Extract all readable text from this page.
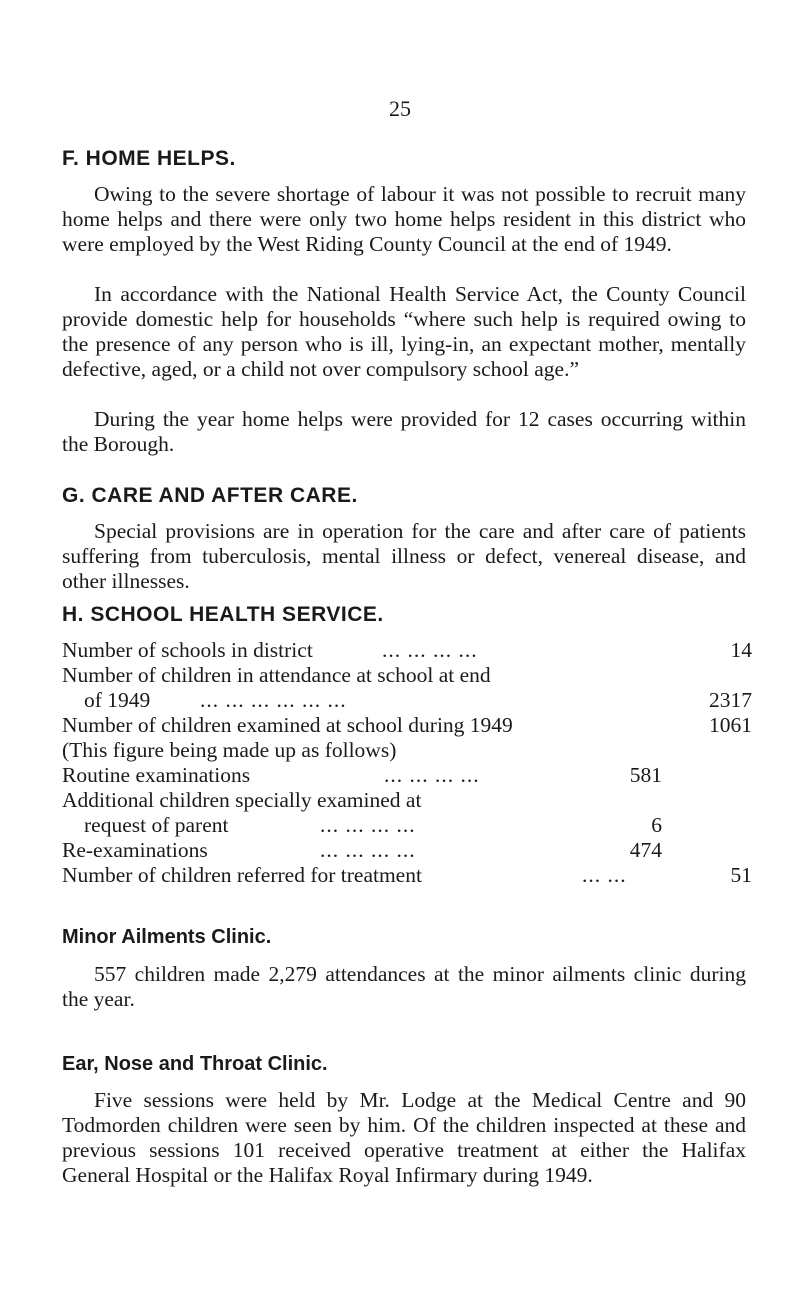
25
F. HOME HELPS.

Owing to the severe shortage of labour it was not possible to recruit many home helps and there were only two home helps resident in this district who were employed by the West Riding County Council at the end of 1949.

In accordance with the National Health Service Act, the County Council provide domestic help for households “where such help is required owing to the presence of any person who is ill, lying-in, an expectant mother, mentally defective, aged, or a child not over compulsory school age.”

During the year home helps were provided for 12 cases occurring within the Borough.

G. CARE AND AFTER CARE.

Special provisions are in operation for the care and after care of patients suffering from tuberculosis, mental illness or defect, venereal disease, and other illnesses.

H. SCHOOL HEALTH SERVICE.
Number of schools in district	... ... ... ...	14
Number of children in attendance at school at end
of 1949 ... ... ... ... ... ...	2317
Number of children examined at school during 1949	1061
(This figure being made up as follows)
Routine examinations	... ... ... ...	581
Additional children specially examined at
request of parent	... ... ... ...	6
Re-examinations	... ... ... ...	474
Number of children referred for treatment	... ...	51
Minor Ailments Clinic.

557 children made 2,279 attendances at the minor ailments clinic during the year.

Ear, Nose and Throat Clinic.

Five sessions were held by Mr. Lodge at the Medical Centre and 90 Todmorden children were seen by him. Of the children inspected at these and previous sessions 101 received operative treatment at either the Halifax General Hospital or the Halifax Royal Infirmary during 1949.
